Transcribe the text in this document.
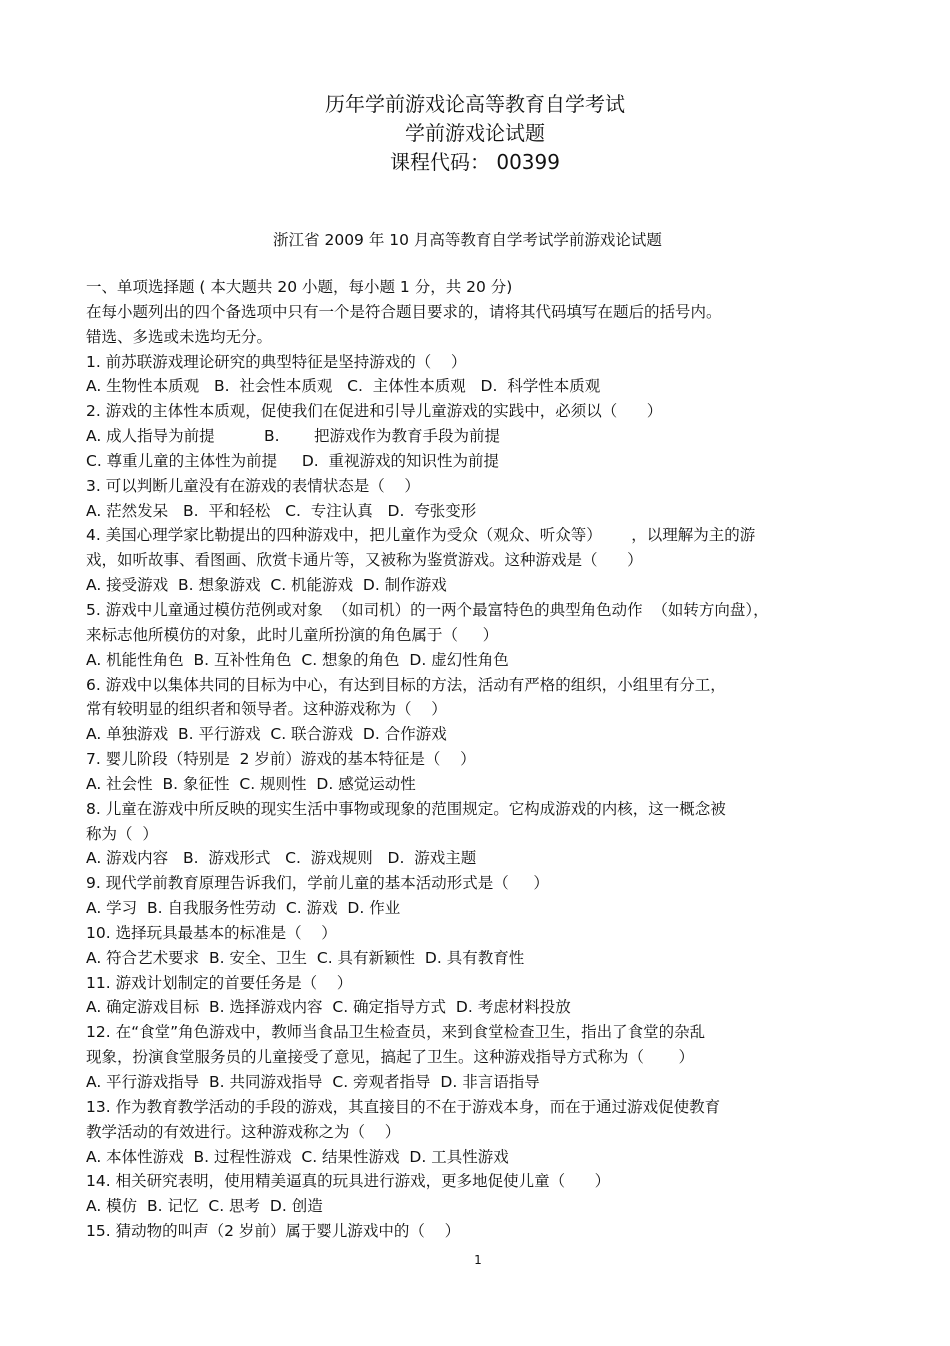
历年学前游戏论高等教育自学考试
学前游戏论试题
课程代码： 00399
浙江省 2009 年 10 月高等教育自学考试学前游戏论试题
一、单项选择题 ( 本大题共 20 小题，每小题 1 分，共 20 分)
在每小题列出的四个备选项中只有一个是符合题目要求的，请将其代码填写在题后的括号内。
错选、多选或未选均无分。
1. 前苏联游戏理论研究的典型特征是坚持游戏的（    ）
A. 生物性本质观   B.  社会性本质观   C.  主体性本质观   D.  科学性本质观
2. 游戏的主体性本质观，促使我们在促进和引导儿童游戏的实践中，必须以（      ）
A. 成人指导为前提          B.       把游戏作为教育手段为前提
C. 尊重儿童的主体性为前提     D.  重视游戏的知识性为前提
3. 可以判断儿童没有在游戏的表情状态是（    ）
A. 茫然发呆   B.  平和轻松   C.  专注认真   D.  夸张变形
4. 美国心理学家比勒提出的四种游戏中，把儿童作为受众（观众、听众等）      ，以理解为主的游
戏，如听故事、看图画、欣赏卡通片等，又被称为鉴赏游戏。这种游戏是（      ）
A. 接受游戏  B. 想象游戏  C. 机能游戏  D. 制作游戏
5. 游戏中儿童通过模仿范例或对象  （如司机）的一两个最富特色的典型角色动作  （如转方向盘），
来标志他所模仿的对象，此时儿童所扮演的角色属于（     ）
A. 机能性角色  B. 互补性角色  C. 想象的角色  D. 虚幻性角色
6. 游戏中以集体共同的目标为中心，有达到目标的方法，活动有严格的组织，小组里有分工，
常有较明显的组织者和领导者。这种游戏称为（    ）
A. 单独游戏  B. 平行游戏  C. 联合游戏  D. 合作游戏
7. 婴儿阶段（特别是  2 岁前）游戏的基本特征是（    ）
A. 社会性  B. 象征性  C. 规则性  D. 感觉运动性
8. 儿童在游戏中所反映的现实生活中事物或现象的范围规定。它构成游戏的内核，这一概念被
称为（  ）
A. 游戏内容   B.  游戏形式   C.  游戏规则   D.  游戏主题
9. 现代学前教育原理告诉我们，学前儿童的基本活动形式是（     ）
A. 学习  B. 自我服务性劳动  C. 游戏  D. 作业
10. 选择玩具最基本的标准是（    ）
A. 符合艺术要求  B. 安全、卫生  C. 具有新颖性  D. 具有教育性
11. 游戏计划制定的首要任务是（    ）
A. 确定游戏目标  B. 选择游戏内容  C. 确定指导方式  D. 考虑材料投放
12. 在“食堂”角色游戏中，教师当食品卫生检查员，来到食堂检查卫生，指出了食堂的杂乱
现象，扮演食堂服务员的儿童接受了意见，搞起了卫生。这种游戏指导方式称为（       ）
A. 平行游戏指导  B. 共同游戏指导  C. 旁观者指导  D. 非言语指导
13. 作为教育教学活动的手段的游戏，其直接目的不在于游戏本身，而在于通过游戏促使教育
教学活动的有效进行。这种游戏称之为（    ）
A. 本体性游戏  B. 过程性游戏  C. 结果性游戏  D. 工具性游戏
14. 相关研究表明，使用精美逼真的玩具进行游戏，更多地促使儿童（      ）
A. 模仿  B. 记忆  C. 思考  D. 创造
15. 猜动物的叫声（2 岁前）属于婴儿游戏中的（    ）
1
